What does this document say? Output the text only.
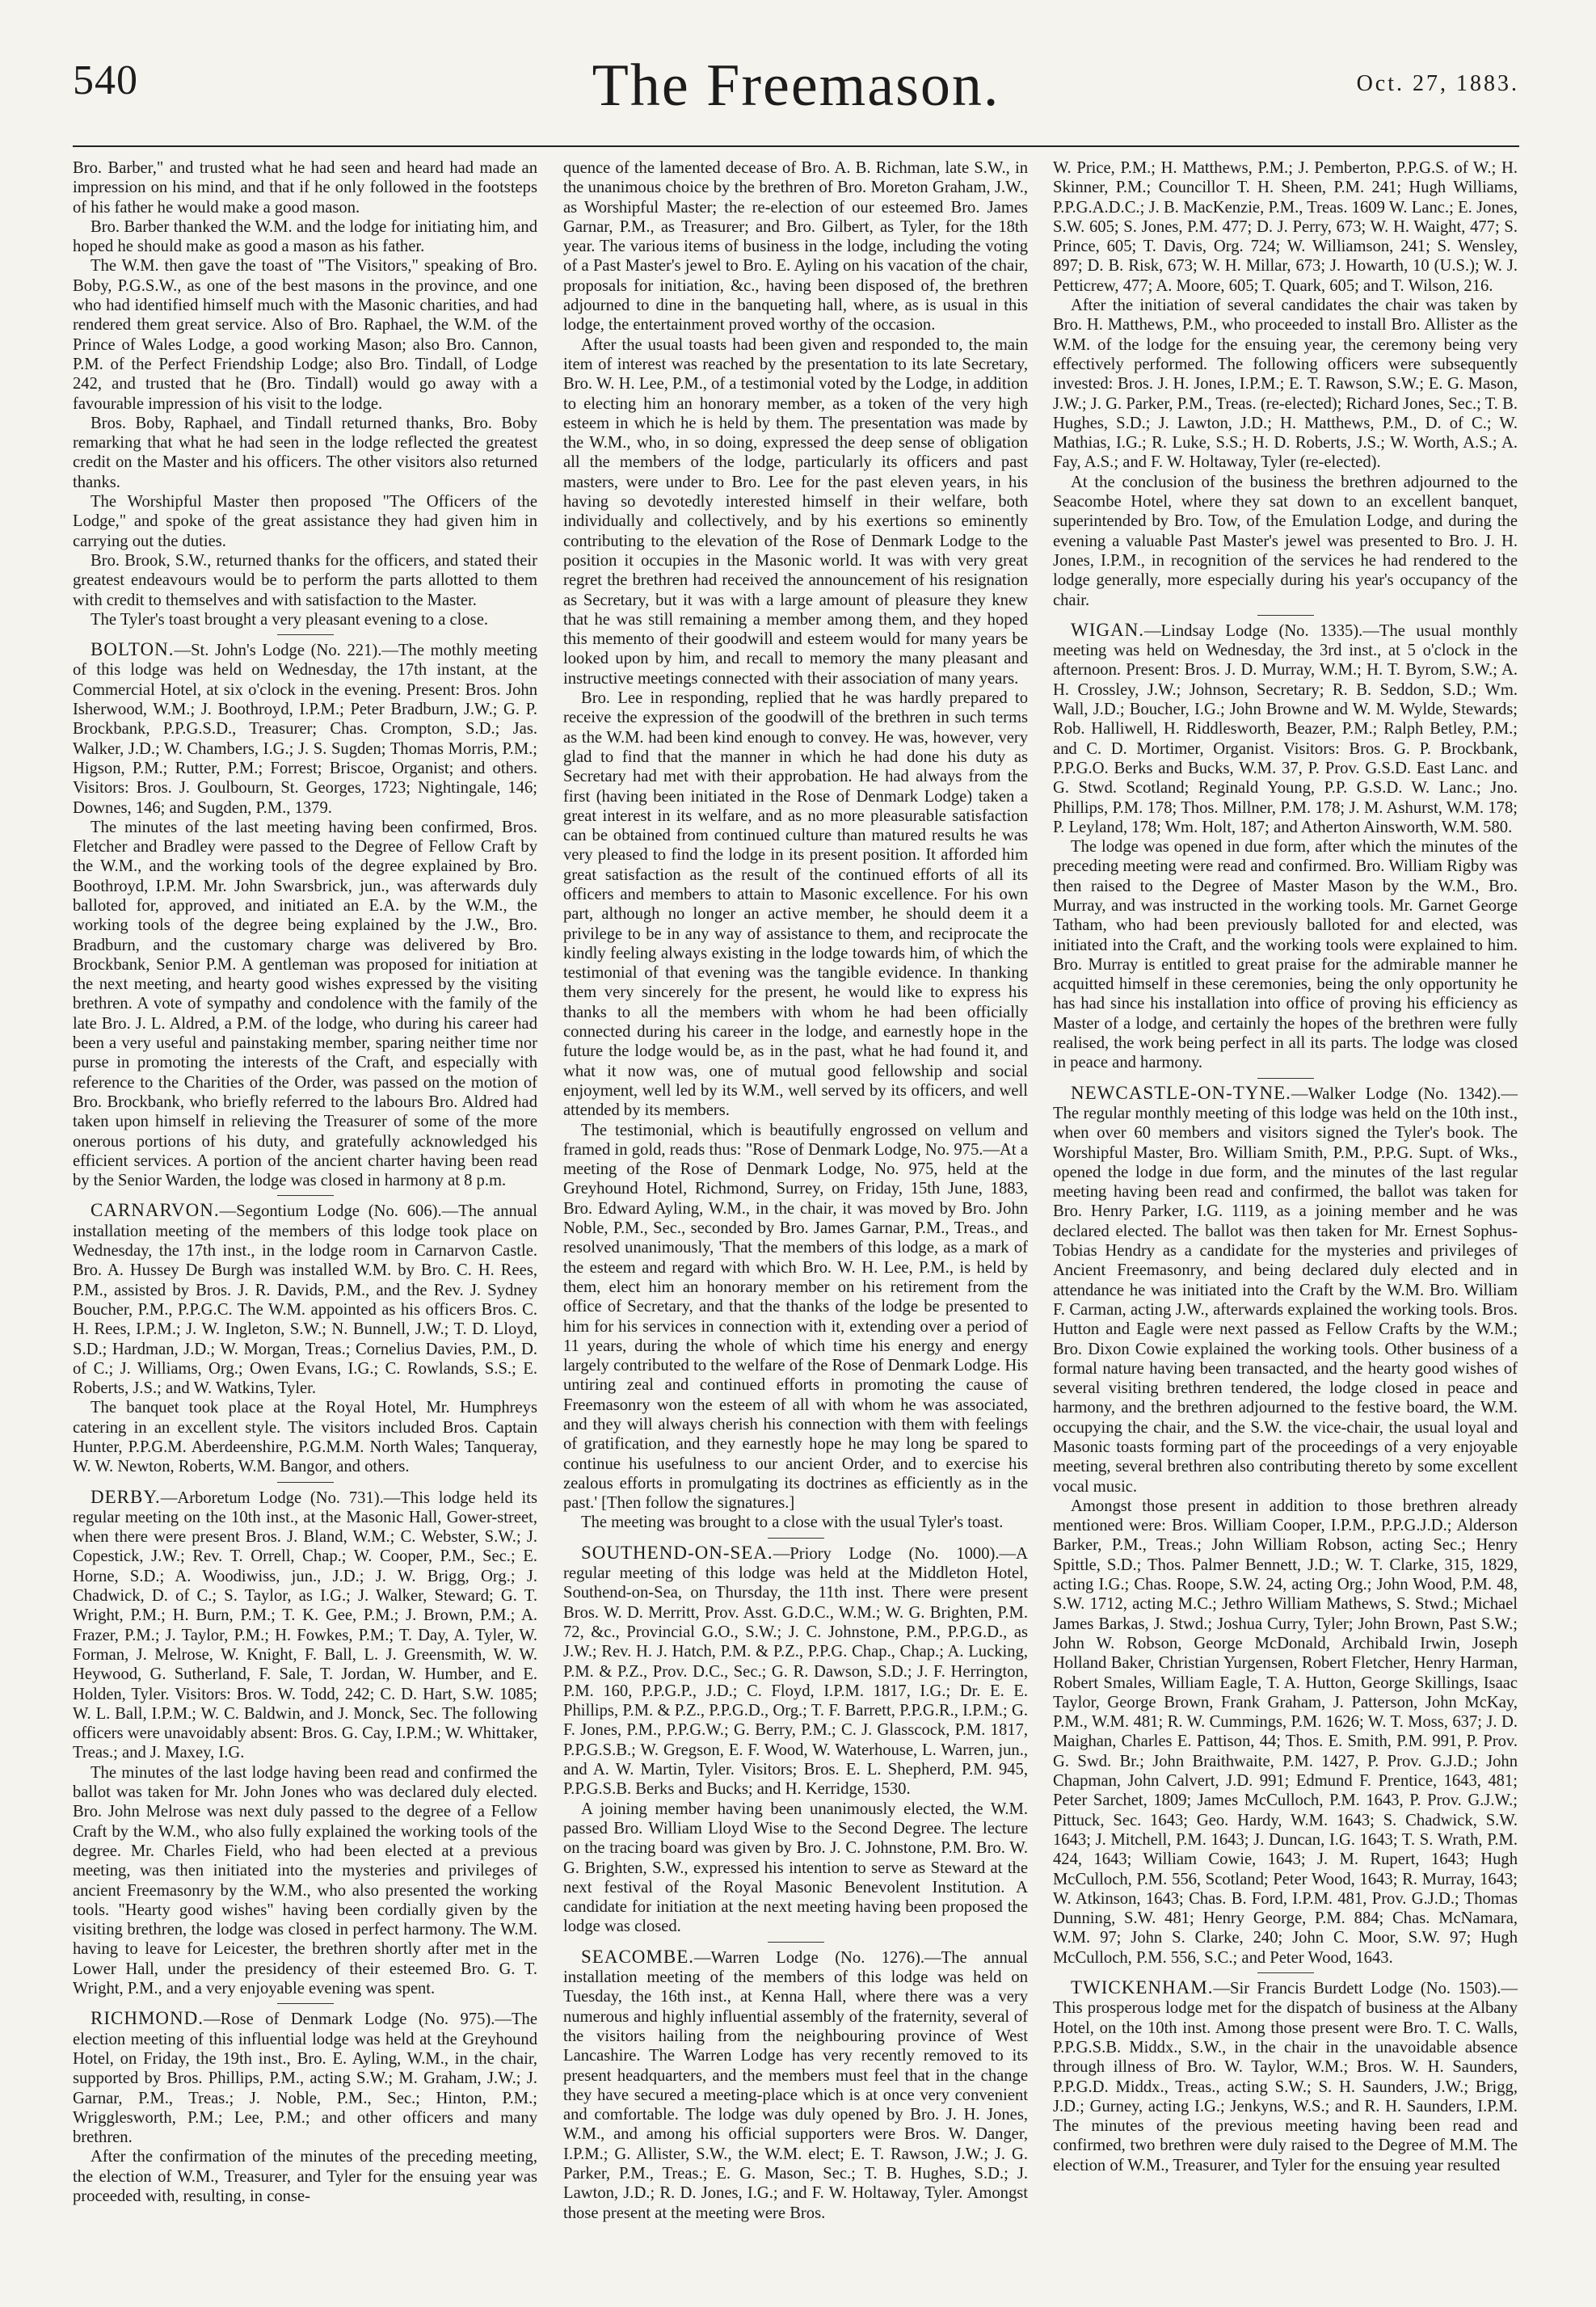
540	The Freemason.	Oct. 27, 1883.

Bro. Barber," and trusted what he had seen and heard had made an impression on his mind, and that if he only followed in the footsteps of his father he would make a good mason.

Bro. Barber thanked the W.M. and the lodge for initiating him, and hoped he should make as good a mason as his father.

The W.M. then gave the toast of "The Visitors," speaking of Bro. Boby, P.G.S.W., as one of the best masons in the province, and one who had identified himself much with the Masonic charities, and had rendered them great service. Also of Bro. Raphael, the W.M. of the Prince of Wales Lodge, a good working Mason; also Bro. Cannon, P.M. of the Perfect Friendship Lodge; also Bro. Tindall, of Lodge 242, and trusted that he (Bro. Tindall) would go away with a favourable impression of his visit to the lodge.

Bros. Boby, Raphael, and Tindall returned thanks, Bro. Boby remarking that what he had seen in the lodge reflected the greatest credit on the Master and his officers. The other visitors also returned thanks.

The Worshipful Master then proposed "The Officers of the Lodge," and spoke of the great assistance they had given him in carrying out the duties.

Bro. Brook, S.W., returned thanks for the officers, and stated their greatest endeavours would be to perform the parts allotted to them with credit to themselves and with satisfaction to the Master.

The Tyler's toast brought a very pleasant evening to a close.

BOLTON.—St. John's Lodge (No. 221).—The mothly meeting of this lodge was held on Wednesday, the 17th instant, at the Commercial Hotel, at six o'clock in the evening. Present: Bros. John Isherwood, W.M.; J. Boothroyd, I.P.M.; Peter Bradburn, J.W.; G. P. Brockbank, P.P.G.S.D., Treasurer; Chas. Crompton, S.D.; Jas. Walker, J.D.; W. Chambers, I.G.; J. S. Sugden; Thomas Morris, P.M.; Higson, P.M.; Rutter, P.M.; Forrest; Briscoe, Organist; and others. Visitors: Bros. J. Goulbourn, St. Georges, 1723; Nightingale, 146; Downes, 146; and Sugden, P.M., 1379.

The minutes of the last meeting having been confirmed, Bros. Fletcher and Bradley were passed to the Degree of Fellow Craft by the W.M., and the working tools of the degree explained by Bro. Boothroyd, I.P.M. Mr. John Swarsbrick, jun., was afterwards duly balloted for, approved, and initiated an E.A. by the W.M., the working tools of the degree being explained by the J.W., Bro. Bradburn, and the customary charge was delivered by Bro. Brockbank, Senior P.M. A gentleman was proposed for initiation at the next meeting, and hearty good wishes expressed by the visiting brethren. A vote of sympathy and condolence with the family of the late Bro. J. L. Aldred, a P.M. of the lodge, who during his career had been a very useful and painstaking member, sparing neither time nor purse in promoting the interests of the Craft, and especially with reference to the Charities of the Order, was passed on the motion of Bro. Brockbank, who briefly referred to the labours Bro. Aldred had taken upon himself in relieving the Treasurer of some of the more onerous portions of his duty, and gratefully acknowledged his efficient services. A portion of the ancient charter having been read by the Senior Warden, the lodge was closed in harmony at 8 p.m.

CARNARVON.—Segontium Lodge (No. 606).—The annual installation meeting of the members of this lodge took place on Wednesday, the 17th inst., in the lodge room in Carnarvon Castle. Bro. A. Hussey De Burgh was installed W.M. by Bro. C. H. Rees, P.M., assisted by Bros. J. R. Davids, P.M., and the Rev. J. Sydney Boucher, P.M., P.P.G.C. The W.M. appointed as his officers Bros. C. H. Rees, I.P.M.; J. W. Ingleton, S.W.; N. Bunnell, J.W.; T. D. Lloyd, S.D.; Hardman, J.D.; W. Morgan, Treas.; Cornelius Davies, P.M., D. of C.; J. Williams, Org.; Owen Evans, I.G.; C. Rowlands, S.S.; E. Roberts, J.S.; and W. Watkins, Tyler.

The banquet took place at the Royal Hotel, Mr. Humphreys catering in an excellent style. The visitors included Bros. Captain Hunter, P.P.G.M. Aberdeenshire, P.G.M.M. North Wales; Tanqueray, W. W. Newton, Roberts, W.M. Bangor, and others.

DERBY.—Arboretum Lodge (No. 731).—This lodge held its regular meeting on the 10th inst., at the Masonic Hall, Gower-street, when there were present Bros. J. Bland, W.M.; C. Webster, S.W.; J. Copestick, J.W.; Rev. T. Orrell, Chap.; W. Cooper, P.M., Sec.; E. Horne, S.D.; A. Woodiwiss, jun., J.D.; J. W. Brigg, Org.; J. Chadwick, D. of C.; S. Taylor, as I.G.; J. Walker, Steward; G. T. Wright, P.M.; H. Burn, P.M.; T. K. Gee, P.M.; J. Brown, P.M.; A. Frazer, P.M.; J. Taylor, P.M.; H. Fowkes, P.M.; T. Day, A. Tyler, W. Forman, J. Melrose, W. Knight, F. Ball, L. J. Greensmith, W. W. Heywood, G. Sutherland, F. Sale, T. Jordan, W. Humber, and E. Holden, Tyler. Visitors: Bros. W. Todd, 242; C. D. Hart, S.W. 1085; W. L. Ball, I.P.M.; W. C. Baldwin, and J. Monck, Sec. The following officers were unavoidably absent: Bros. G. Cay, I.P.M.; W. Whittaker, Treas.; and J. Maxey, I.G.

The minutes of the last lodge having been read and confirmed the ballot was taken for Mr. John Jones who was declared duly elected. Bro. John Melrose was next duly passed to the degree of a Fellow Craft by the W.M., who also fully explained the working tools of the degree. Mr. Charles Field, who had been elected at a previous meeting, was then initiated into the mysteries and privileges of ancient Freemasonry by the W.M., who also presented the working tools. "Hearty good wishes" having been cordially given by the visiting brethren, the lodge was closed in perfect harmony. The W.M. having to leave for Leicester, the brethren shortly after met in the Lower Hall, under the presidency of their esteemed Bro. G. T. Wright, P.M., and a very enjoyable evening was spent.

RICHMOND.—Rose of Denmark Lodge (No. 975).—The election meeting of this influential lodge was held at the Greyhound Hotel, on Friday, the 19th inst., Bro. E. Ayling, W.M., in the chair, supported by Bros. Phillips, P.M., acting S.W.; M. Graham, J.W.; J. Garnar, P.M., Treas.; J. Noble, P.M., Sec.; Hinton, P.M.; Wrigglesworth, P.M.; Lee, P.M.; and other officers and many brethren.

After the confirmation of the minutes of the preceding meeting, the election of W.M., Treasurer, and Tyler for the ensuing year was proceeded with, resulting, in conse-

quence of the lamented decease of Bro. A. B. Richman, late S.W., in the unanimous choice by the brethren of Bro. Moreton Graham, J.W., as Worshipful Master; the re-election of our esteemed Bro. James Garnar, P.M., as Treasurer; and Bro. Gilbert, as Tyler, for the 18th year. The various items of business in the lodge, including the voting of a Past Master's jewel to Bro. E. Ayling on his vacation of the chair, proposals for initiation, &c., having been disposed of, the brethren adjourned to dine in the banqueting hall, where, as is usual in this lodge, the entertainment proved worthy of the occasion.

After the usual toasts had been given and responded to, the main item of interest was reached by the presentation to its late Secretary, Bro. W. H. Lee, P.M., of a testimonial voted by the Lodge, in addition to electing him an honorary member, as a token of the very high esteem in which he is held by them. The presentation was made by the W.M., who, in so doing, expressed the deep sense of obligation all the members of the lodge, particularly its officers and past masters, were under to Bro. Lee for the past eleven years, in his having so devotedly interested himself in their welfare, both individually and collectively, and by his exertions so eminently contributing to the elevation of the Rose of Denmark Lodge to the position it occupies in the Masonic world. It was with very great regret the brethren had received the announcement of his resignation as Secretary, but it was with a large amount of pleasure they knew that he was still remaining a member among them, and they hoped this memento of their goodwill and esteem would for many years be looked upon by him, and recall to memory the many pleasant and instructive meetings connected with their association of many years.

Bro. Lee in responding, replied that he was hardly prepared to receive the expression of the goodwill of the brethren in such terms as the W.M. had been kind enough to convey. He was, however, very glad to find that the manner in which he had done his duty as Secretary had met with their approbation. He had always from the first (having been initiated in the Rose of Denmark Lodge) taken a great interest in its welfare, and as no more pleasurable satisfaction can be obtained from continued culture than matured results he was very pleased to find the lodge in its present position. It afforded him great satisfaction as the result of the continued efforts of all its officers and members to attain to Masonic excellence. For his own part, although no longer an active member, he should deem it a privilege to be in any way of assistance to them, and reciprocate the kindly feeling always existing in the lodge towards him, of which the testimonial of that evening was the tangible evidence. In thanking them very sincerely for the present, he would like to express his thanks to all the members with whom he had been officially connected during his career in the lodge, and earnestly hope in the future the lodge would be, as in the past, what he had found it, and what it now was, one of mutual good fellowship and social enjoyment, well led by its W.M., well served by its officers, and well attended by its members.

The testimonial, which is beautifully engrossed on vellum and framed in gold, reads thus: "Rose of Denmark Lodge, No. 975.—At a meeting of the Rose of Denmark Lodge, No. 975, held at the Greyhound Hotel, Richmond, Surrey, on Friday, 15th June, 1883, Bro. Edward Ayling, W.M., in the chair, it was moved by Bro. John Noble, P.M., Sec., seconded by Bro. James Garnar, P.M., Treas., and resolved unanimously, 'That the members of this lodge, as a mark of the esteem and regard with which Bro. W. H. Lee, P.M., is held by them, elect him an honorary member on his retirement from the office of Secretary, and that the thanks of the lodge be presented to him for his services in connection with it, extending over a period of 11 years, during the whole of which time his energy and energy largely contributed to the welfare of the Rose of Denmark Lodge. His untiring zeal and continued efforts in promoting the cause of Freemasonry won the esteem of all with whom he was associated, and they will always cherish his connection with them with feelings of gratification, and they earnestly hope he may long be spared to continue his usefulness to our ancient Order, and to exercise his zealous efforts in promulgating its doctrines as efficiently as in the past.' [Then follow the signatures.]

The meeting was brought to a close with the usual Tyler's toast.

SOUTHEND-ON-SEA.—Priory Lodge (No. 1000).—A regular meeting of this lodge was held at the Middleton Hotel, Southend-on-Sea, on Thursday, the 11th inst. There were present Bros. W. D. Merritt, Prov. Asst. G.D.C., W.M.; W. G. Brighten, P.M. 72, &c., Provincial G.O., S.W.; J. C. Johnstone, P.M., P.P.G.D., as J.W.; Rev. H. J. Hatch, P.M. & P.Z., P.P.G. Chap., Chap.; A. Lucking, P.M. & P.Z., Prov. D.C., Sec.; G. R. Dawson, S.D.; J. F. Herrington, P.M. 160, P.P.G.P., J.D.; C. Floyd, I.P.M. 1817, I.G.; Dr. E. E. Phillips, P.M. & P.Z., P.P.G.D., Org.; T. F. Barrett, P.P.G.R., I.P.M.; G. F. Jones, P.M., P.P.G.W.; G. Berry, P.M.; C. J. Glasscock, P.M. 1817, P.P.G.S.B.; W. Gregson, E. F. Wood, W. Waterhouse, L. Warren, jun., and A. W. Martin, Tyler. Visitors; Bros. E. L. Shepherd, P.M. 945, P.P.G.S.B. Berks and Bucks; and H. Kerridge, 1530.

A joining member having been unanimously elected, the W.M. passed Bro. William Lloyd Wise to the Second Degree. The lecture on the tracing board was given by Bro. J. C. Johnstone, P.M. Bro. W. G. Brighten, S.W., expressed his intention to serve as Steward at the next festival of the Royal Masonic Benevolent Institution. A candidate for initiation at the next meeting having been proposed the lodge was closed.

SEACOMBE.—Warren Lodge (No. 1276).—The annual installation meeting of the members of this lodge was held on Tuesday, the 16th inst., at Kenna Hall, where there was a very numerous and highly influential assembly of the fraternity, several of the visitors hailing from the neighbouring province of West Lancashire. The Warren Lodge has very recently removed to its present headquarters, and the members must feel that in the change they have secured a meeting-place which is at once very convenient and comfortable. The lodge was duly opened by Bro. J. H. Jones, W.M., and among his official supporters were Bros. W. Danger, I.P.M.; G. Allister, S.W., the W.M. elect; E. T. Rawson, J.W.; J. G. Parker, P.M., Treas.; E. G. Mason, Sec.; T. B. Hughes, S.D.; J. Lawton, J.D.; R. D. Jones, I.G.; and F. W. Holtaway, Tyler. Amongst those present at the meeting were Bros.

W. Price, P.M.; H. Matthews, P.M.; J. Pemberton, P.P.G.S. of W.; H. Skinner, P.M.; Councillor T. H. Sheen, P.M. 241; Hugh Williams, P.P.G.A.D.C.; J. B. MacKenzie, P.M., Treas. 1609 W. Lanc.; E. Jones, S.W. 605; S. Jones, P.M. 477; D. J. Perry, 673; W. H. Waight, 477; S. Prince, 605; T. Davis, Org. 724; W. Williamson, 241; S. Wensley, 897; D. B. Risk, 673; W. H. Millar, 673; J. Howarth, 10 (U.S.); W. J. Petticrew, 477; A. Moore, 605; T. Quark, 605; and T. Wilson, 216.

After the initiation of several candidates the chair was taken by Bro. H. Matthews, P.M., who proceeded to install Bro. Allister as the W.M. of the lodge for the ensuing year, the ceremony being very effectively performed. The following officers were subsequently invested: Bros. J. H. Jones, I.P.M.; E. T. Rawson, S.W.; E. G. Mason, J.W.; J. G. Parker, P.M., Treas. (re-elected); Richard Jones, Sec.; T. B. Hughes, S.D.; J. Lawton, J.D.; H. Matthews, P.M., D. of C.; W. Mathias, I.G.; R. Luke, S.S.; H. D. Roberts, J.S.; W. Worth, A.S.; A. Fay, A.S.; and F. W. Holtaway, Tyler (re-elected).

At the conclusion of the business the brethren adjourned to the Seacombe Hotel, where they sat down to an excellent banquet, superintended by Bro. Tow, of the Emulation Lodge, and during the evening a valuable Past Master's jewel was presented to Bro. J. H. Jones, I.P.M., in recognition of the services he had rendered to the lodge generally, more especially during his year's occupancy of the chair.

WIGAN.—Lindsay Lodge (No. 1335).—The usual monthly meeting was held on Wednesday, the 3rd inst., at 5 o'clock in the afternoon. Present: Bros. J. D. Murray, W.M.; H. T. Byrom, S.W.; A. H. Crossley, J.W.; Johnson, Secretary; R. B. Seddon, S.D.; Wm. Wall, J.D.; Boucher, I.G.; John Browne and W. M. Wylde, Stewards; Rob. Halliwell, H. Riddlesworth, Beazer, P.M.; Ralph Betley, P.M.; and C. D. Mortimer, Organist. Visitors: Bros. G. P. Brockbank, P.P.G.O. Berks and Bucks, W.M. 37, P. Prov. G.S.D. East Lanc. and G. Stwd. Scotland; Reginald Young, P.P. G.S.D. W. Lanc.; Jno. Phillips, P.M. 178; Thos. Millner, P.M. 178; J. M. Ashurst, W.M. 178; P. Leyland, 178; Wm. Holt, 187; and Atherton Ainsworth, W.M. 580.

The lodge was opened in due form, after which the minutes of the preceding meeting were read and confirmed. Bro. William Rigby was then raised to the Degree of Master Mason by the W.M., Bro. Murray, and was instructed in the working tools. Mr. Garnet George Tatham, who had been previously balloted for and elected, was initiated into the Craft, and the working tools were explained to him. Bro. Murray is entitled to great praise for the admirable manner he acquitted himself in these ceremonies, being the only opportunity he has had since his installation into office of proving his efficiency as Master of a lodge, and certainly the hopes of the brethren were fully realised, the work being perfect in all its parts. The lodge was closed in peace and harmony.

NEWCASTLE-ON-TYNE.—Walker Lodge (No. 1342).—The regular monthly meeting of this lodge was held on the 10th inst., when over 60 members and visitors signed the Tyler's book. The Worshipful Master, Bro. William Smith, P.M., P.P.G. Supt. of Wks., opened the lodge in due form, and the minutes of the last regular meeting having been read and confirmed, the ballot was taken for Bro. Henry Parker, I.G. 1119, as a joining member and he was declared elected. The ballot was then taken for Mr. Ernest Sophus-Tobias Hendry as a candidate for the mysteries and privileges of Ancient Freemasonry, and being declared duly elected and in attendance he was initiated into the Craft by the W.M. Bro. William F. Carman, acting J.W., afterwards explained the working tools. Bros. Hutton and Eagle were next passed as Fellow Crafts by the W.M.; Bro. Dixon Cowie explained the working tools. Other business of a formal nature having been transacted, and the hearty good wishes of several visiting brethren tendered, the lodge closed in peace and harmony, and the brethren adjourned to the festive board, the W.M. occupying the chair, and the S.W. the vice-chair, the usual loyal and Masonic toasts forming part of the proceedings of a very enjoyable meeting, several brethren also contributing thereto by some excellent vocal music.

Amongst those present in addition to those brethren already mentioned were: Bros. William Cooper, I.P.M., P.P.G.J.D.; Alderson Barker, P.M., Treas.; John William Robson, acting Sec.; Henry Spittle, S.D.; Thos. Palmer Bennett, J.D.; W. T. Clarke, 315, 1829, acting I.G.; Chas. Roope, S.W. 24, acting Org.; John Wood, P.M. 48, S.W. 1712, acting M.C.; Jethro William Mathews, S. Stwd.; Michael James Barkas, J. Stwd.; Joshua Curry, Tyler; John Brown, Past S.W.; John W. Robson, George McDonald, Archibald Irwin, Joseph Holland Baker, Christian Yurgensen, Robert Fletcher, Henry Harman, Robert Smales, William Eagle, T. A. Hutton, George Skillings, Isaac Taylor, George Brown, Frank Graham, J. Patterson, John McKay, P.M., W.M. 481; R. W. Cummings, P.M. 1626; W. T. Moss, 637; J. D. Maighan, Charles E. Pattison, 44; Thos. E. Smith, P.M. 991, P. Prov. G. Swd. Br.; John Braithwaite, P.M. 1427, P. Prov. G.J.D.; John Chapman, John Calvert, J.D. 991; Edmund F. Prentice, 1643, 481; Peter Sarchet, 1809; James McCulloch, P.M. 1643, P. Prov. G.J.W.; Pittuck, Sec. 1643; Geo. Hardy, W.M. 1643; S. Chadwick, S.W. 1643; J. Mitchell, P.M. 1643; J. Duncan, I.G. 1643; T. S. Wrath, P.M. 424, 1643; William Cowie, 1643; J. M. Rupert, 1643; Hugh McCulloch, P.M. 556, Scotland; Peter Wood, 1643; R. Murray, 1643; W. Atkinson, 1643; Chas. B. Ford, I.P.M. 481, Prov. G.J.D.; Thomas Dunning, S.W. 481; Henry George, P.M. 884; Chas. McNamara, W.M. 97; John S. Clarke, 240; John C. Moor, S.W. 97; Hugh McCulloch, P.M. 556, S.C.; and Peter Wood, 1643.

TWICKENHAM.—Sir Francis Burdett Lodge (No. 1503).—This prosperous lodge met for the dispatch of business at the Albany Hotel, on the 10th inst. Among those present were Bro. T. C. Walls, P.P.G.S.B. Middx., S.W., in the chair in the unavoidable absence through illness of Bro. W. Taylor, W.M.; Bros. W. H. Saunders, P.P.G.D. Middx., Treas., acting S.W.; S. H. Saunders, J.W.; Brigg, J.D.; Gurney, acting I.G.; Jenkyns, W.S.; and R. H. Saunders, I.P.M. The minutes of the previous meeting having been read and confirmed, two brethren were duly raised to the Degree of M.M. The election of W.M., Treasurer, and Tyler for the ensuing year resulted
